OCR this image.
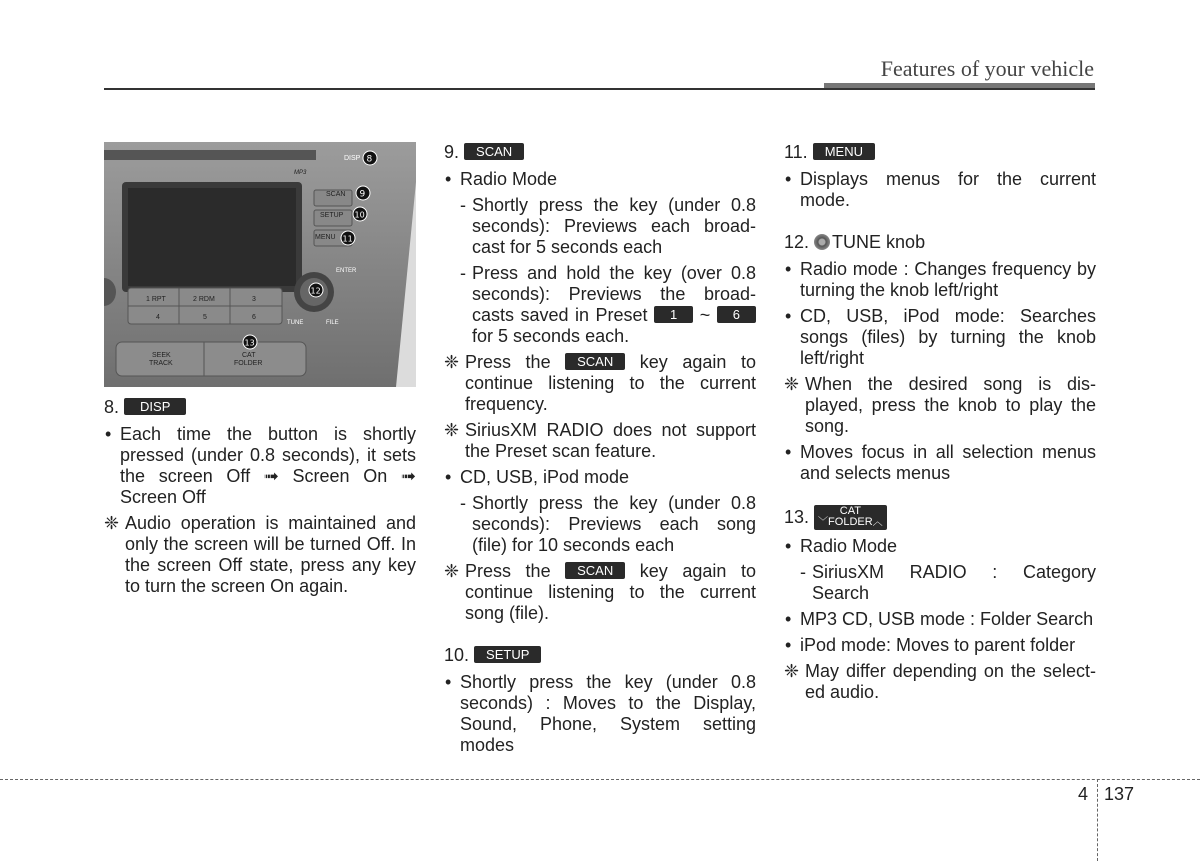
Features of your vehicle
DISP
MP3
SCAN
SETUP
MENU
ENTER
TUNE	FILE
1 RPT	2 RDM	3
4	5	6
SEEK
TRACK
CAT
FOLDER
8
9
10
11
12
13

8. DISP

• Each time the button is shortly pressed (under 0.8 seconds), it sets the screen Off ➟ Screen On ➟ Screen Off

❈ Audio operation is maintained and only the screen will be turned Off. In the screen Off state, press any key to turn the screen On again.

9. SCAN

• Radio Mode

- Shortly press the key (under 0.8 seconds): Previews each broad-cast for 5 seconds each

- Press and hold the key (over 0.8 seconds): Previews the broad-casts saved in Preset 1 ~ 6 for 5 seconds each.

❈ Press the SCAN key again to continue listening to the current frequency.

❈ SiriusXM RADIO does not support the Preset scan feature.

• CD, USB, iPod mode

- Shortly press the key (under 0.8 seconds): Previews each song (file) for 10 seconds each

❈ Press the SCAN key again to continue listening to the current song (file).

10. SETUP

• Shortly press the key (under 0.8 seconds) : Moves to the Display, Sound, Phone, System setting modes

11. MENU

• Displays menus for the current mode.

12. TUNE knob

• Radio mode : Changes frequency by turning the knob left/right

• CD, USB, iPod mode: Searches songs (files) by turning the knob left/right

❈ When the desired song is dis-played, press the knob to play the song.

• Moves focus in all selection menus and selects menus

13.	CAT
﹀FOLDER︿

• Radio Mode

- SiriusXM RADIO : Category Search

• MP3 CD, USB mode : Folder Search

• iPod mode: Moves to parent folder

❈ May differ depending on the select-ed audio.

4 137
